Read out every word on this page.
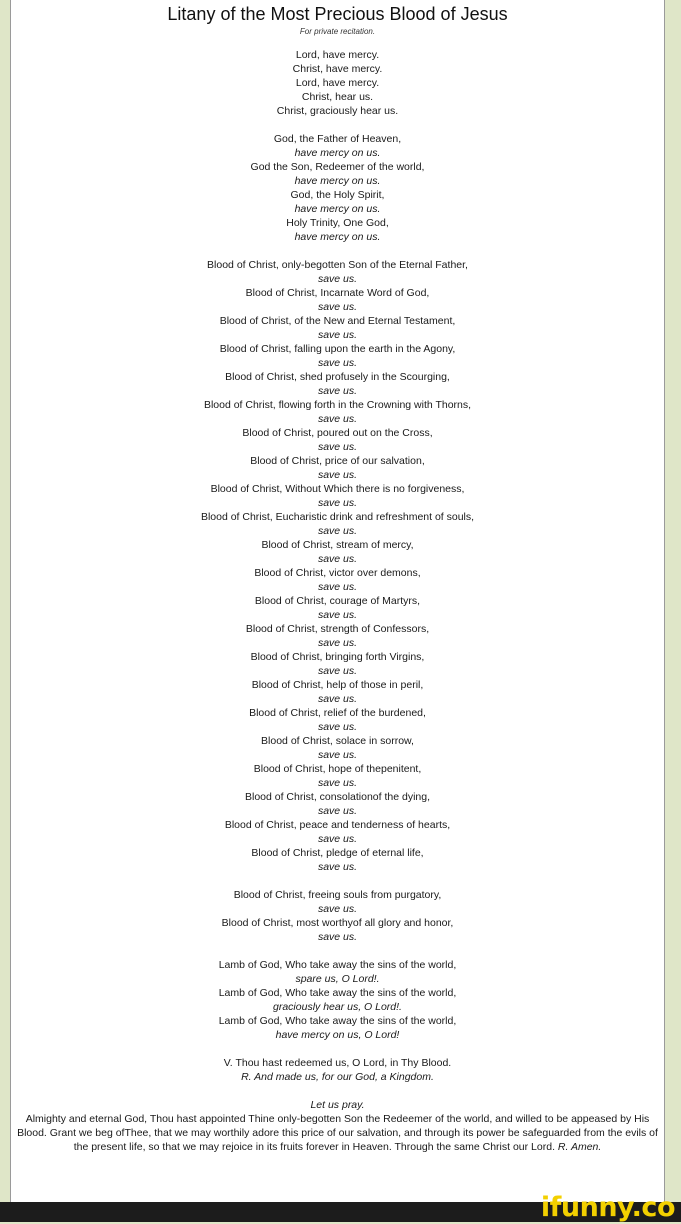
Litany of the Most Precious Blood of Jesus
For private recitation.
Lord, have mercy.
Christ, have mercy.
Lord, have mercy.
Christ, hear us.
Christ, graciously hear us.
God, the Father of Heaven,
have mercy on us.
God the Son, Redeemer of the world,
have mercy on us.
God, the Holy Spirit,
have mercy on us.
Holy Trinity, One God,
have mercy on us.
Blood of Christ, only-begotten Son of the Eternal Father,
save us.
Blood of Christ, Incarnate Word of God,
save us.
Blood of Christ, of the New and Eternal Testament,
save us.
Blood of Christ, falling upon the earth in the Agony,
save us.
Blood of Christ, shed profusely in the Scourging,
save us.
Blood of Christ, flowing forth in the Crowning with Thorns,
save us.
Blood of Christ, poured out on the Cross,
save us.
Blood of Christ, price of our salvation,
save us.
Blood of Christ, Without Which there is no forgiveness,
save us.
Blood of Christ, Eucharistic drink and refreshment of souls,
save us.
Blood of Christ, stream of mercy,
save us.
Blood of Christ, victor over demons,
save us.
Blood of Christ, courage of Martyrs,
save us.
Blood of Christ, strength of Confessors,
save us.
Blood of Christ, bringing forth Virgins,
save us.
Blood of Christ, help of those in peril,
save us.
Blood of Christ, relief of the burdened,
save us.
Blood of Christ, solace in sorrow,
save us.
Blood of Christ, hope of thepenitent,
save us.
Blood of Christ, consolationof the dying,
save us.
Blood of Christ, peace and tenderness of hearts,
save us.
Blood of Christ, pledge of eternal life,
save us.
Blood of Christ, freeing souls from purgatory,
save us.
Blood of Christ, most worthyof all glory and honor,
save us.
Lamb of God, Who take away the sins of the world,
spare us, O Lord!.
Lamb of God, Who take away the sins of the world,
graciously hear us, O Lord!.
Lamb of God, Who take away the sins of the world,
have mercy on us, O Lord!
V. Thou hast redeemed us, O Lord, in Thy Blood.
R. And made us, for our God, a Kingdom.
Let us pray.
Almighty and eternal God, Thou hast appointed Thine only-begotten Son the Redeemer of the world, and willed to be appeased by His Blood. Grant we beg ofThee, that we may worthily adore this price of our salvation, and through its power be safeguarded from the evils of the present life, so that we may rejoice in its fruits forever in Heaven. Through the same Christ our Lord. R. Amen.
ifunny.co
